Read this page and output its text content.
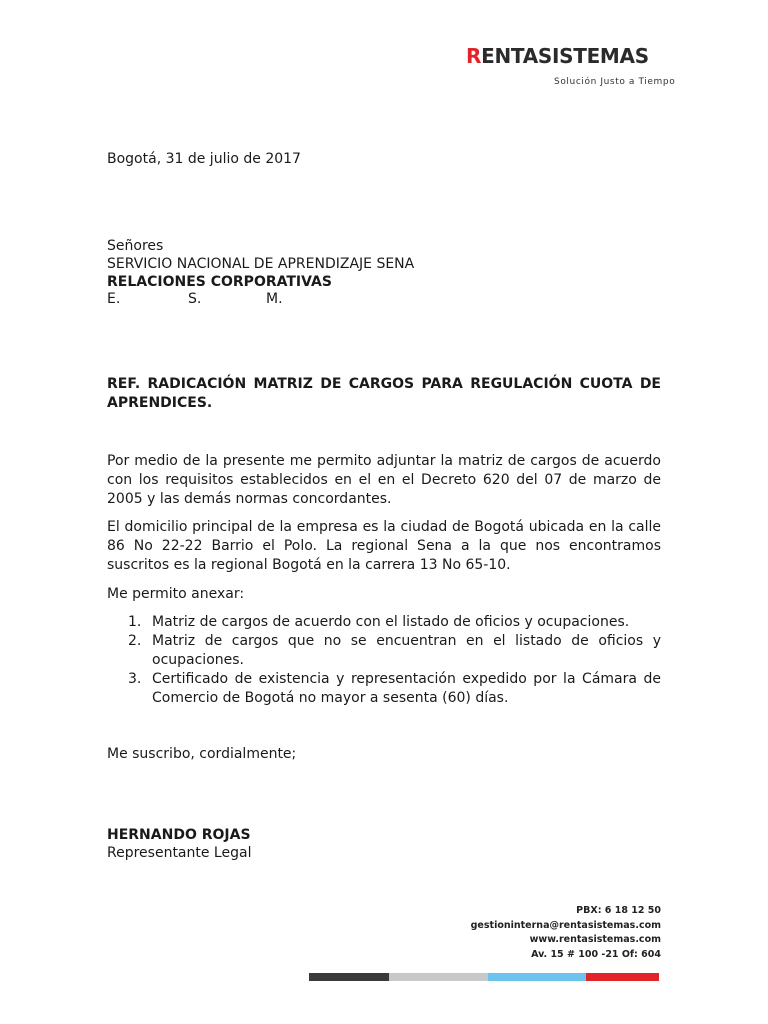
RENTASISTEMAS
Solución Justo a Tiempo
Bogotá, 31 de julio de 2017
Señores
SERVICIO NACIONAL DE APRENDIZAJE SENA
RELACIONES CORPORATIVAS
E.	S.	M.
REF. RADICACIÓN MATRIZ DE CARGOS PARA REGULACIÓN CUOTA DE APRENDICES.

Por medio de la presente me permito adjuntar la matriz de cargos de acuerdo con los requisitos establecidos en el en el Decreto 620 del 07 de marzo de 2005 y las demás normas concordantes.

El domicilio principal de la empresa es la ciudad de Bogotá ubicada en la calle 86 No 22-22 Barrio el Polo. La regional Sena a la que nos encontramos suscritos es la regional Bogotá en la carrera 13 No 65-10.

Me permito anexar:

1. Matriz de cargos de acuerdo con el listado de oficios y ocupaciones.
2. Matriz de cargos que no se encuentran en el listado de oficios y ocupaciones.
3. Certificado de existencia y representación expedido por la Cámara de Comercio de Bogotá no mayor a sesenta (60) días.
Me suscribo, cordialmente;
HERNANDO ROJAS
Representante Legal
PBX: 6 18 12 50
gestioninterna@rentasistemas.com
www.rentasistemas.com
Av. 15 # 100 -21 Of: 604
